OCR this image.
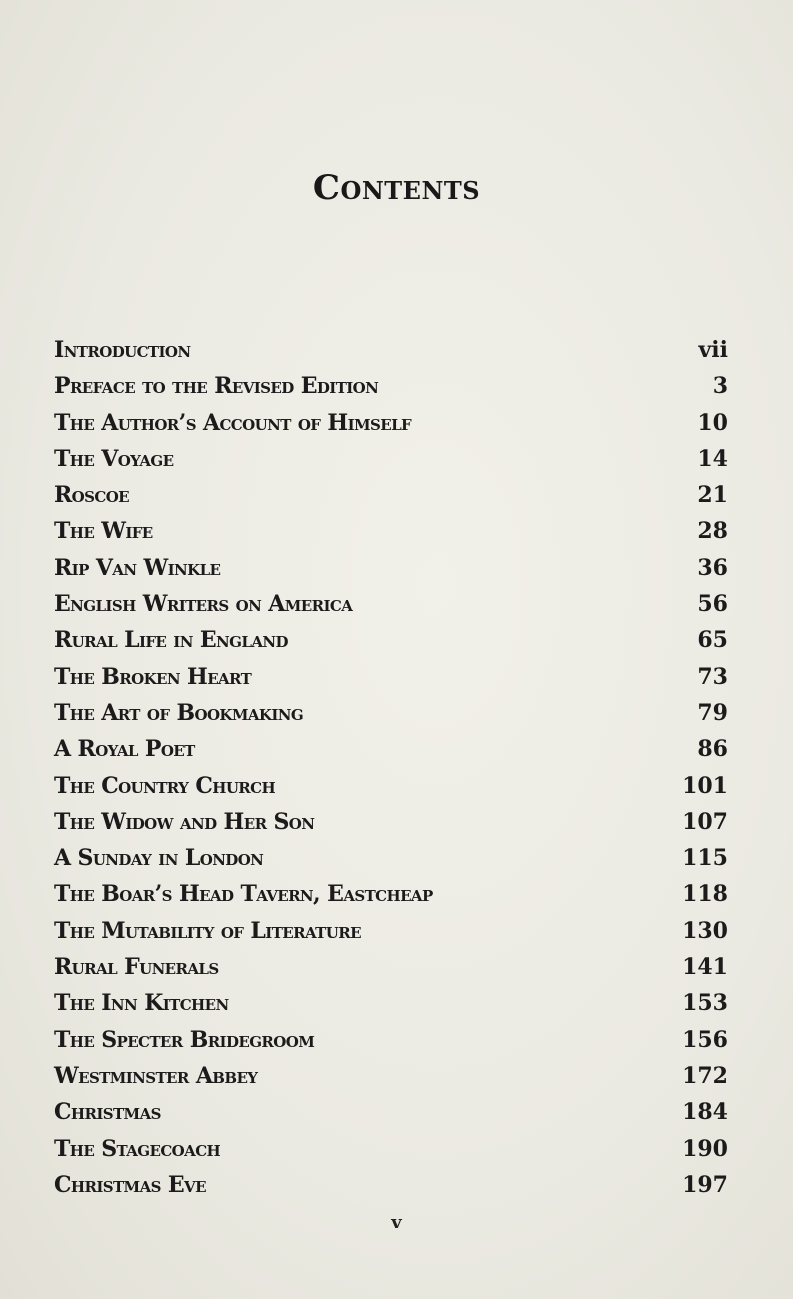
Contents
Introduction	vii
Preface to the Revised Edition	3
The Author’s Account of Himself	10
The Voyage	14
Roscoe	21
The Wife	28
Rip Van Winkle	36
English Writers on America	56
Rural Life in England	65
The Broken Heart	73
The Art of Bookmaking	79
A Royal Poet	86
The Country Church	101
The Widow and Her Son	107
A Sunday in London	115
The Boar’s Head Tavern, Eastcheap	118
The Mutability of Literature	130
Rural Funerals	141
The Inn Kitchen	153
The Specter Bridegroom	156
Westminster Abbey	172
Christmas	184
The Stagecoach	190
Christmas Eve	197
v
